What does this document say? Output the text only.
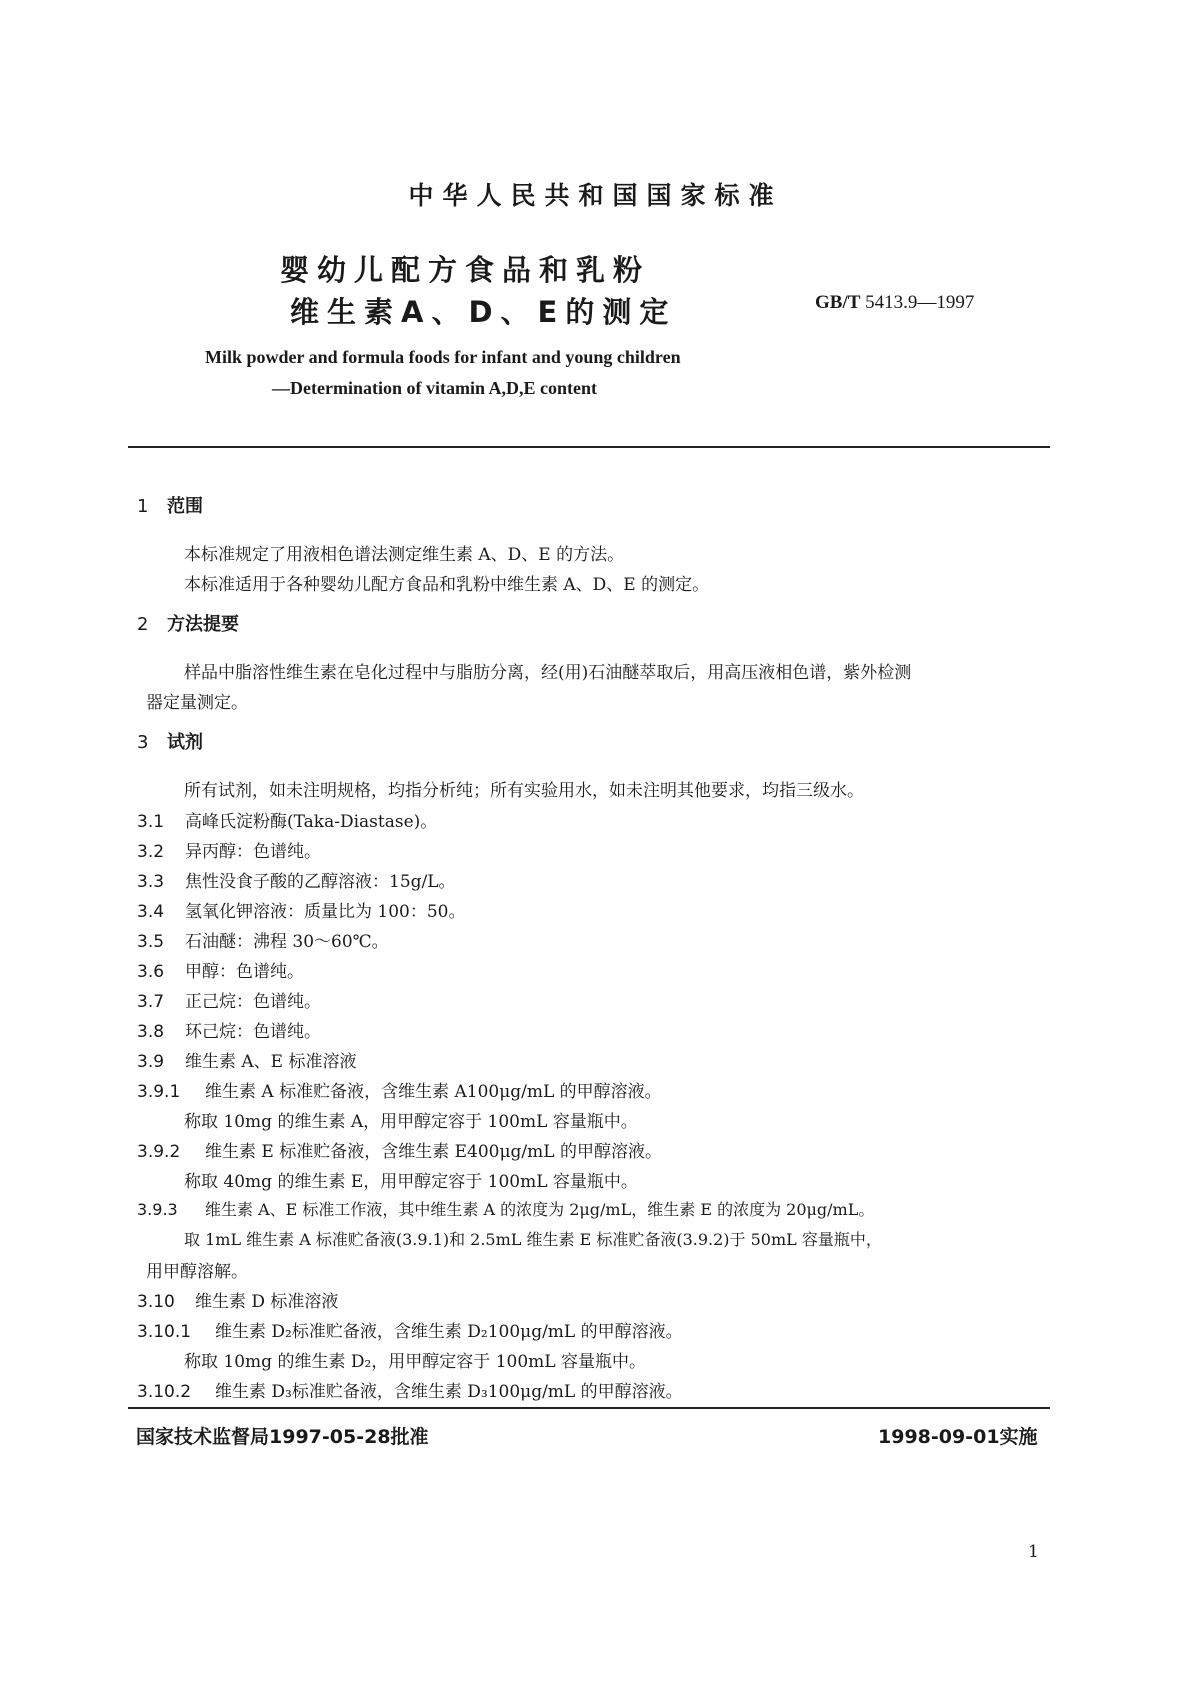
中华人民共和国国家标准
婴幼儿配方食品和乳粉
维生素A、D、E的测定	GB/T 5413.9—1997
Milk powder and formula foods for infant and young children
—Determination of vitamin A,D,E content
1 范围
本标准规定了用液相色谱法测定维生素 A、D、E 的方法。
本标准适用于各种婴幼儿配方食品和乳粉中维生素 A、D、E 的测定。
2 方法提要
样品中脂溶性维生素在皂化过程中与脂肪分离，经(用)石油醚萃取后，用高压液相色谱，紫外检测
器定量测定。
3 试剂
所有试剂，如未注明规格，均指分析纯；所有实验用水，如未注明其他要求，均指三级水。
3.1 高峰氏淀粉酶(Taka-Diastase)。
3.2 异丙醇：色谱纯。
3.3 焦性没食子酸的乙醇溶液：15g/L。
3.4 氢氧化钾溶液：质量比为 100：50。
3.5 石油醚：沸程 30～60℃。
3.6 甲醇：色谱纯。
3.7 正己烷：色谱纯。
3.8 环己烷：色谱纯。
3.9 维生素 A、E 标准溶液
3.9.1 维生素 A 标准贮备液，含维生素 A100μg/mL 的甲醇溶液。
称取 10mg 的维生素 A，用甲醇定容于 100mL 容量瓶中。
3.9.2 维生素 E 标准贮备液，含维生素 E400μg/mL 的甲醇溶液。
称取 40mg 的维生素 E，用甲醇定容于 100mL 容量瓶中。
3.9.3 维生素 A、E 标准工作液，其中维生素 A 的浓度为 2μg/mL，维生素 E 的浓度为 20μg/mL。
取 1mL 维生素 A 标准贮备液(3.9.1)和 2.5mL 维生素 E 标准贮备液(3.9.2)于 50mL 容量瓶中，
用甲醇溶解。
3.10 维生素 D 标准溶液
3.10.1 维生素 D₂标准贮备液，含维生素 D₂100μg/mL 的甲醇溶液。
称取 10mg 的维生素 D₂，用甲醇定容于 100mL 容量瓶中。
3.10.2 维生素 D₃标准贮备液，含维生素 D₃100μg/mL 的甲醇溶液。
国家技术监督局1997-05-28批准	1998-09-01实施
1
